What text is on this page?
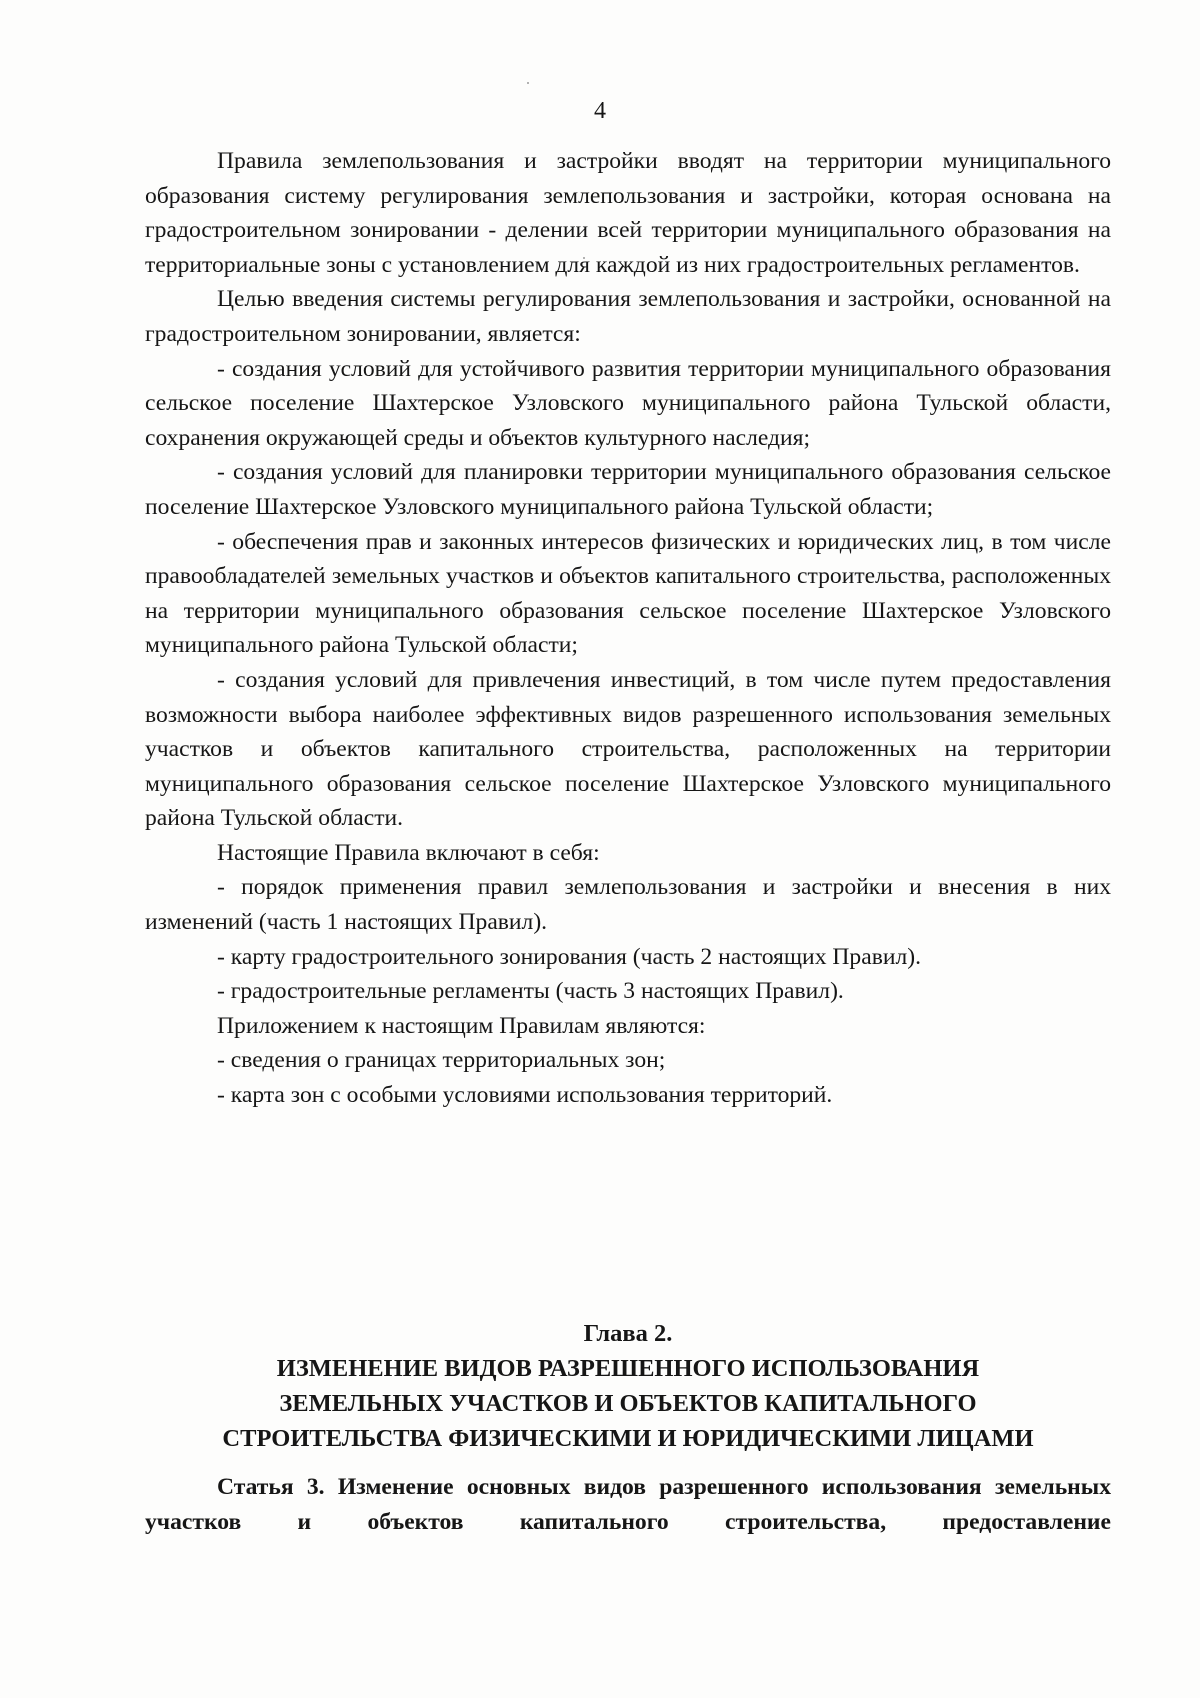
4

Правила землепользования и застройки вводят на территории муниципального образования систему регулирования землепользования и застройки, которая основана на градостроительном зонировании - делении всей территории муниципального образования на территориальные зоны с установлением для каждой из них градостроительных регламентов.

Целью введения системы регулирования землепользования и застройки, основанной на градостроительном зонировании, является:

- создания условий для устойчивого развития территории муниципального образования сельское поселение Шахтерское Узловского муниципального района Тульской области, сохранения окружающей среды и объектов культурного наследия;

- создания условий для планировки территории муниципального образования сельское поселение Шахтерское Узловского муниципального района Тульской области;

- обеспечения прав и законных интересов физических и юридических лиц, в том числе правообладателей земельных участков и объектов капитального строительства, расположенных на территории муниципального образования сельское поселение Шахтерское Узловского муниципального района Тульской области;

- создания условий для привлечения инвестиций, в том числе путем предоставления возможности выбора наиболее эффективных видов разрешенного использования земельных участков и объектов капитального строительства, расположенных на территории муниципального образования сельское поселение Шахтерское Узловского муниципального района Тульской области.

Настоящие Правила включают в себя:

- порядок применения правил землепользования и застройки и внесения в них изменений (часть 1 настоящих Правил).

- карту градостроительного зонирования (часть 2 настоящих Правил).

- градостроительные регламенты (часть 3 настоящих Правил).

Приложением к настоящим Правилам являются:

- сведения о границах территориальных зон;

- карта зон с особыми условиями использования территорий.

Глава 2.
ИЗМЕНЕНИЕ ВИДОВ РАЗРЕШЕННОГО ИСПОЛЬЗОВАНИЯ
ЗЕМЕЛЬНЫХ УЧАСТКОВ И ОБЪЕКТОВ КАПИТАЛЬНОГО
СТРОИТЕЛЬСТВА ФИЗИЧЕСКИМИ И ЮРИДИЧЕСКИМИ ЛИЦАМИ

Статья 3. Изменение основных видов разрешенного использования земельных участков и объектов капитального строительства, предоставление
